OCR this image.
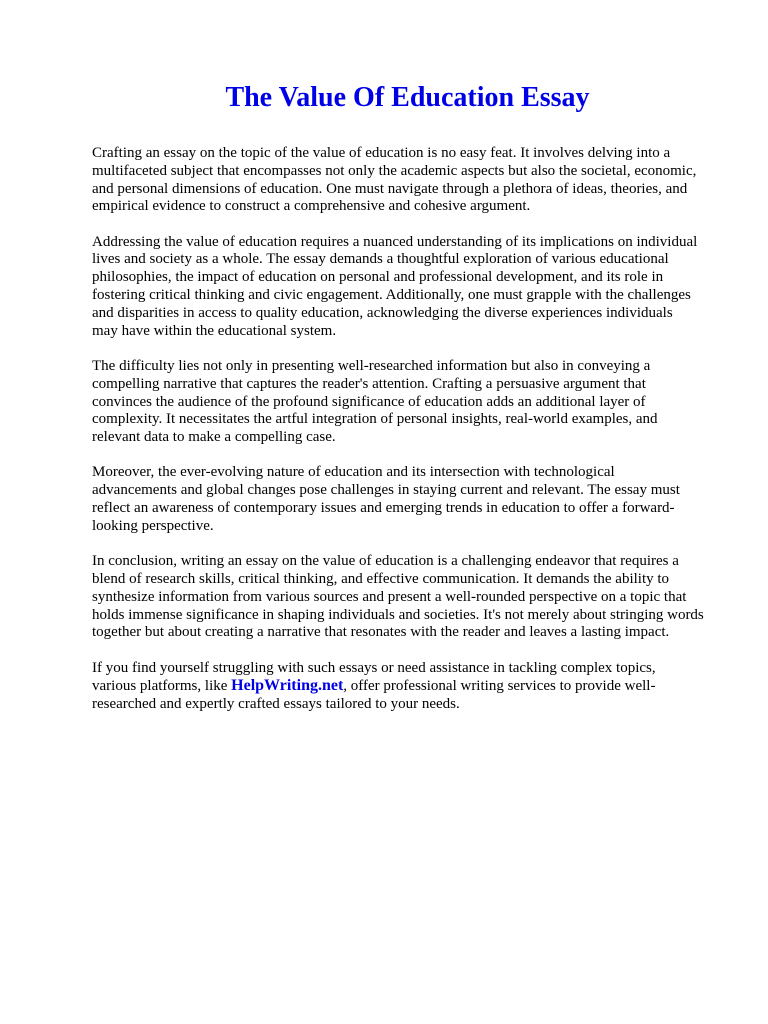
The Value Of Education Essay

Crafting an essay on the topic of the value of education is no easy feat. It involves delving into a
multifaceted subject that encompasses not only the academic aspects but also the societal, economic,
and personal dimensions of education. One must navigate through a plethora of ideas, theories, and
empirical evidence to construct a comprehensive and cohesive argument.

Addressing the value of education requires a nuanced understanding of its implications on individual
lives and society as a whole. The essay demands a thoughtful exploration of various educational
philosophies, the impact of education on personal and professional development, and its role in
fostering critical thinking and civic engagement. Additionally, one must grapple with the challenges
and disparities in access to quality education, acknowledging the diverse experiences individuals
may have within the educational system.

The difficulty lies not only in presenting well-researched information but also in conveying a
compelling narrative that captures the reader's attention. Crafting a persuasive argument that
convinces the audience of the profound significance of education adds an additional layer of
complexity. It necessitates the artful integration of personal insights, real-world examples, and
relevant data to make a compelling case.

Moreover, the ever-evolving nature of education and its intersection with technological
advancements and global changes pose challenges in staying current and relevant. The essay must
reflect an awareness of contemporary issues and emerging trends in education to offer a forward-
looking perspective.

In conclusion, writing an essay on the value of education is a challenging endeavor that requires a
blend of research skills, critical thinking, and effective communication. It demands the ability to
synthesize information from various sources and present a well-rounded perspective on a topic that
holds immense significance in shaping individuals and societies. It's not merely about stringing words
together but about creating a narrative that resonates with the reader and leaves a lasting impact.

If you find yourself struggling with such essays or need assistance in tackling complex topics,
various platforms, like HelpWriting.net, offer professional writing services to provide well-
researched and expertly crafted essays tailored to your needs.
